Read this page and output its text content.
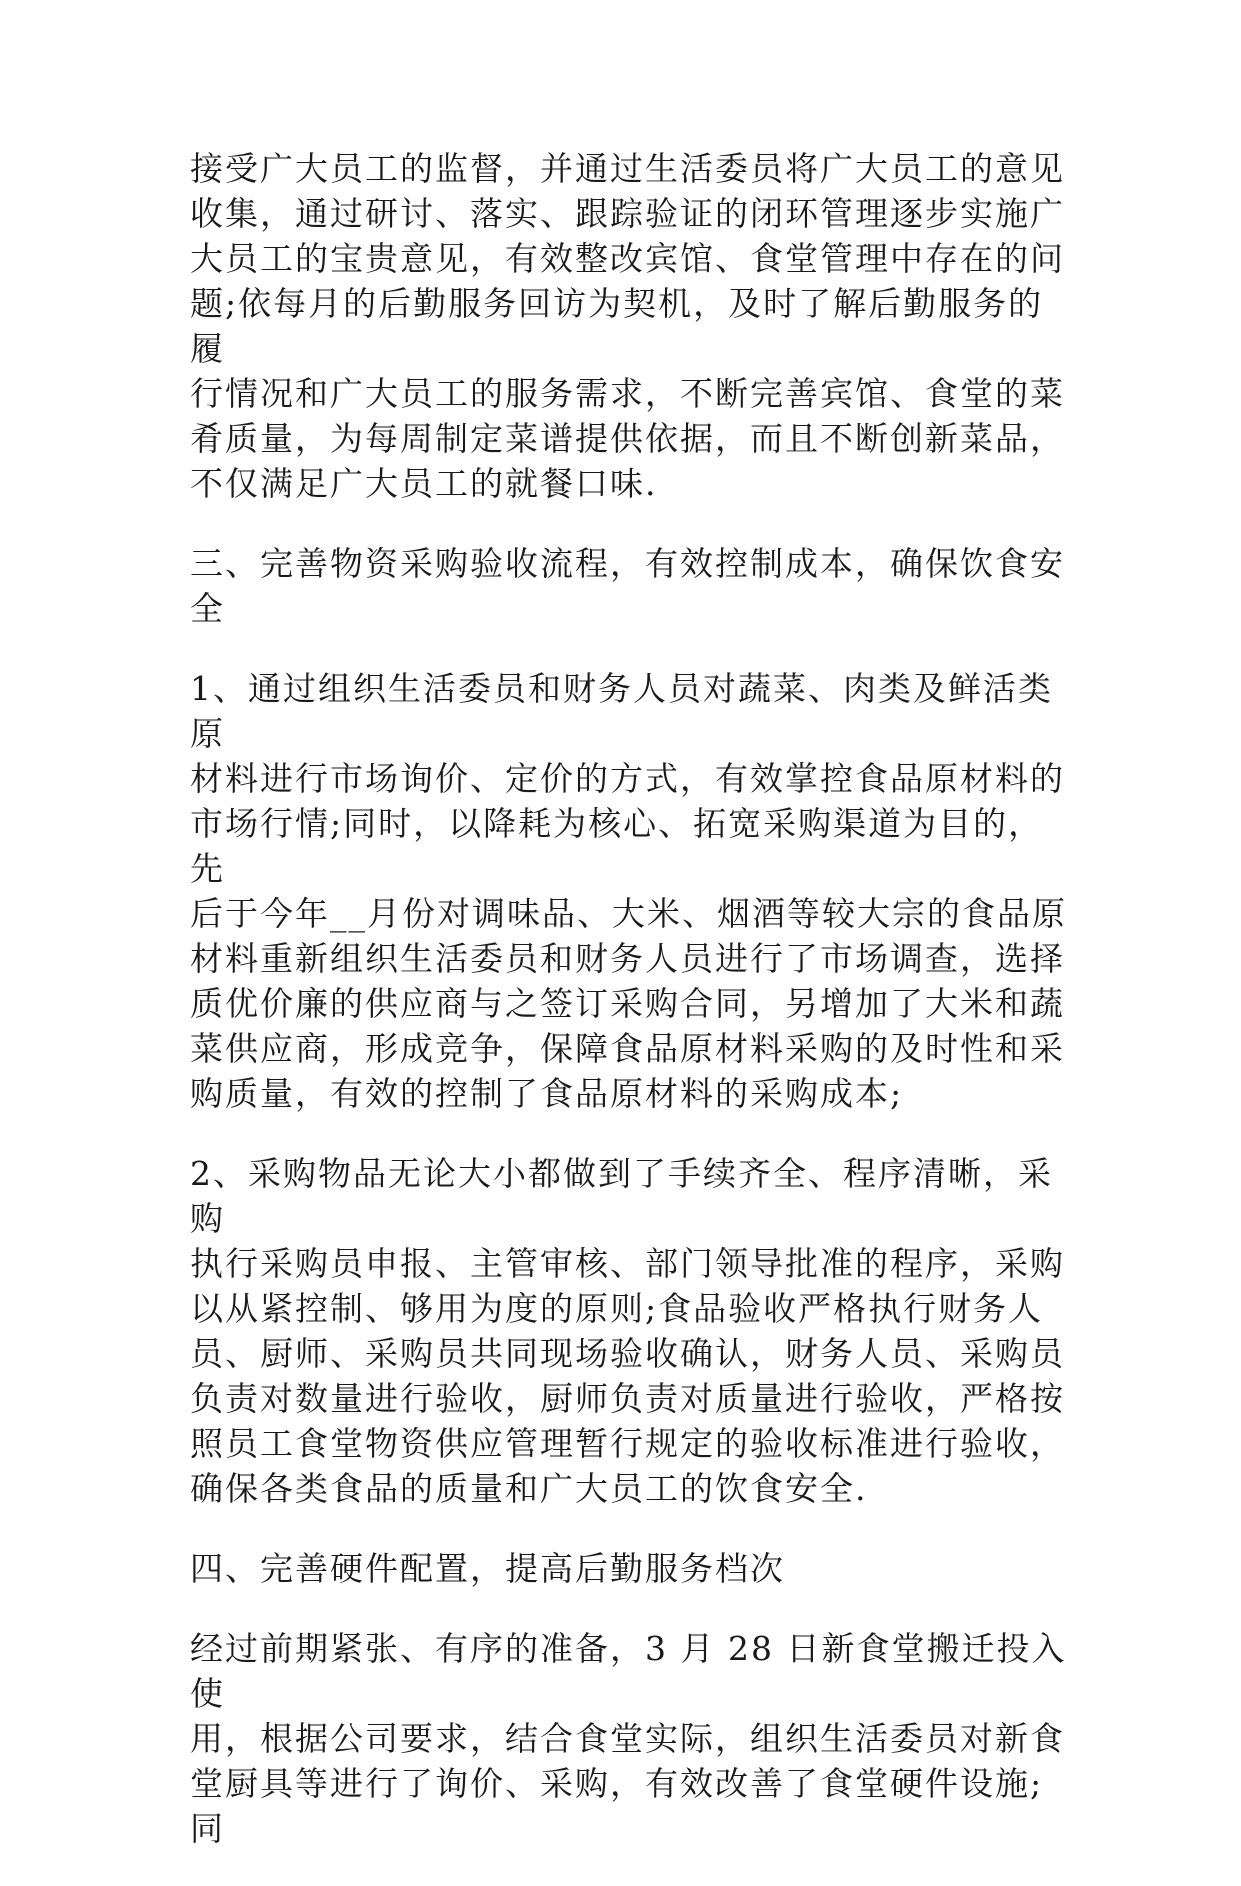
接受广大员工的监督，并通过生活委员将广大员工的意见
收集，通过研讨、落实、跟踪验证的闭环管理逐步实施广
大员工的宝贵意见，有效整改宾馆、食堂管理中存在的问
题;依每月的后勤服务回访为契机，及时了解后勤服务的履
行情况和广大员工的服务需求，不断完善宾馆、食堂的菜
肴质量，为每周制定菜谱提供依据，而且不断创新菜品，
不仅满足广大员工的就餐口味.

三、完善物资采购验收流程，有效控制成本，确保饮食安
全

1、通过组织生活委员和财务人员对蔬菜、肉类及鲜活类原
材料进行市场询价、定价的方式，有效掌控食品原材料的
市场行情;同时，以降耗为核心、拓宽采购渠道为目的，先
后于今年__月份对调味品、大米、烟酒等较大宗的食品原
材料重新组织生活委员和财务人员进行了市场调查，选择
质优价廉的供应商与之签订采购合同，另增加了大米和蔬
菜供应商，形成竞争，保障食品原材料采购的及时性和采
购质量，有效的控制了食品原材料的采购成本;

2、采购物品无论大小都做到了手续齐全、程序清晰，采购
执行采购员申报、主管审核、部门领导批准的程序，采购
以从紧控制、够用为度的原则;食品验收严格执行财务人
员、厨师、采购员共同现场验收确认，财务人员、采购员
负责对数量进行验收，厨师负责对质量进行验收，严格按
照员工食堂物资供应管理暂行规定的验收标准进行验收，
确保各类食品的质量和广大员工的饮食安全.

四、完善硬件配置，提高后勤服务档次

经过前期紧张、有序的准备，3 月 28 日新食堂搬迁投入使
用，根据公司要求，结合食堂实际，组织生活委员对新食
堂厨具等进行了询价、采购，有效改善了食堂硬件设施;同
